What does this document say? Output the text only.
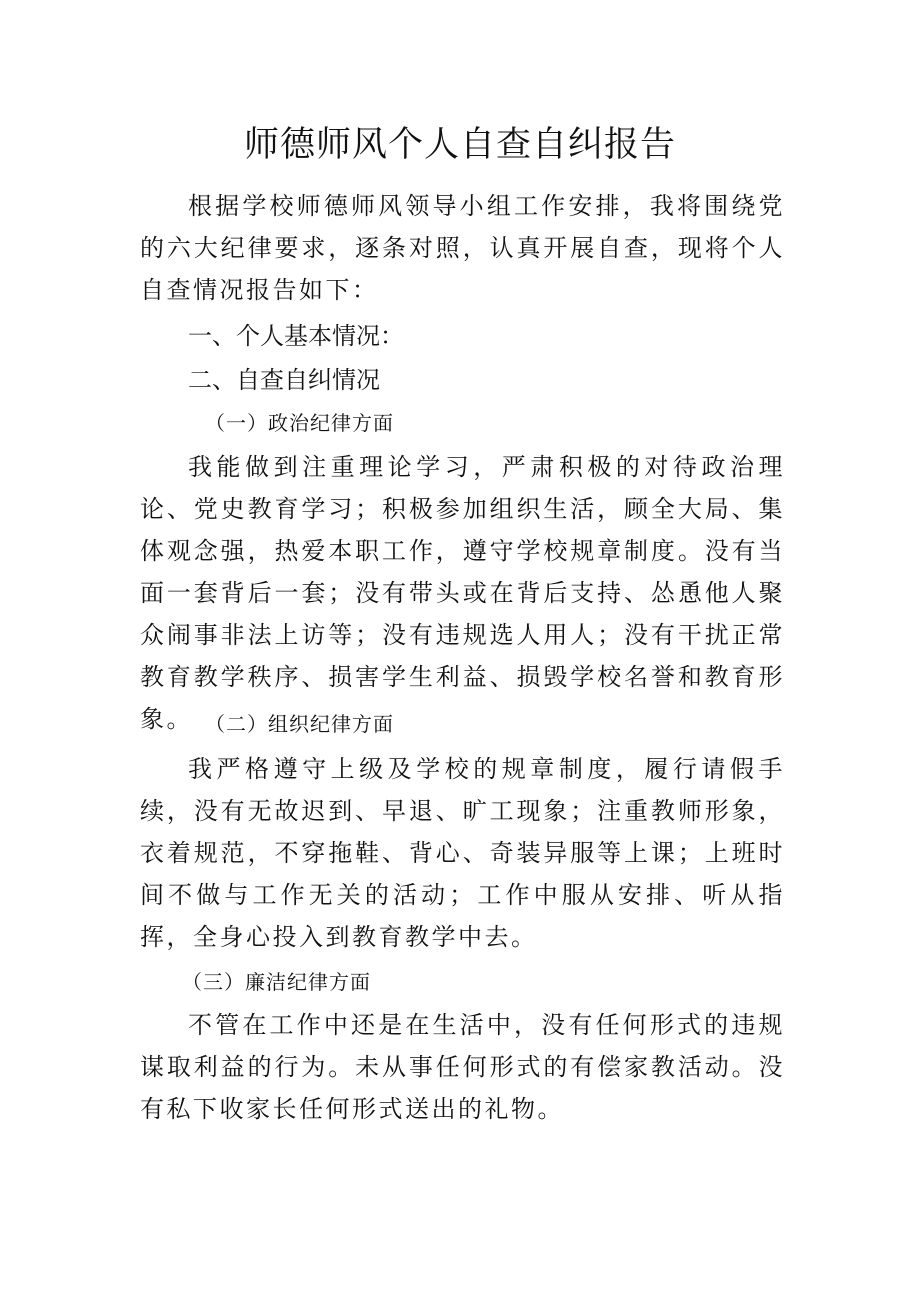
师德师风个人自查自纠报告

根据学校师德师风领导小组工作安排，我将围绕党的六大纪律要求，逐条对照，认真开展自查，现将个人自查情况报告如下：

一、个人基本情况：
二、自查自纠情况
（一）政治纪律方面

我能做到注重理论学习，严肃积极的对待政治理论、党史教育学习；积极参加组织生活，顾全大局、集体观念强，热爱本职工作，遵守学校规章制度。没有当面一套背后一套；没有带头或在背后支持、怂恿他人聚众闹事非法上访等；没有违规选人用人；没有干扰正常教育教学秩序、损害学生利益、损毁学校名誉和教育形象。 （二）组织纪律方面

我严格遵守上级及学校的规章制度，履行请假手续，没有无故迟到、早退、旷工现象；注重教师形象，衣着规范，不穿拖鞋、背心、奇装异服等上课；上班时间不做与工作无关的活动；工作中服从安排、听从指挥，全身心投入到教育教学中去。

（三）廉洁纪律方面

不管在工作中还是在生活中，没有任何形式的违规谋取利益的行为。未从事任何形式的有偿家教活动。没有私下收家长任何形式送出的礼物。
